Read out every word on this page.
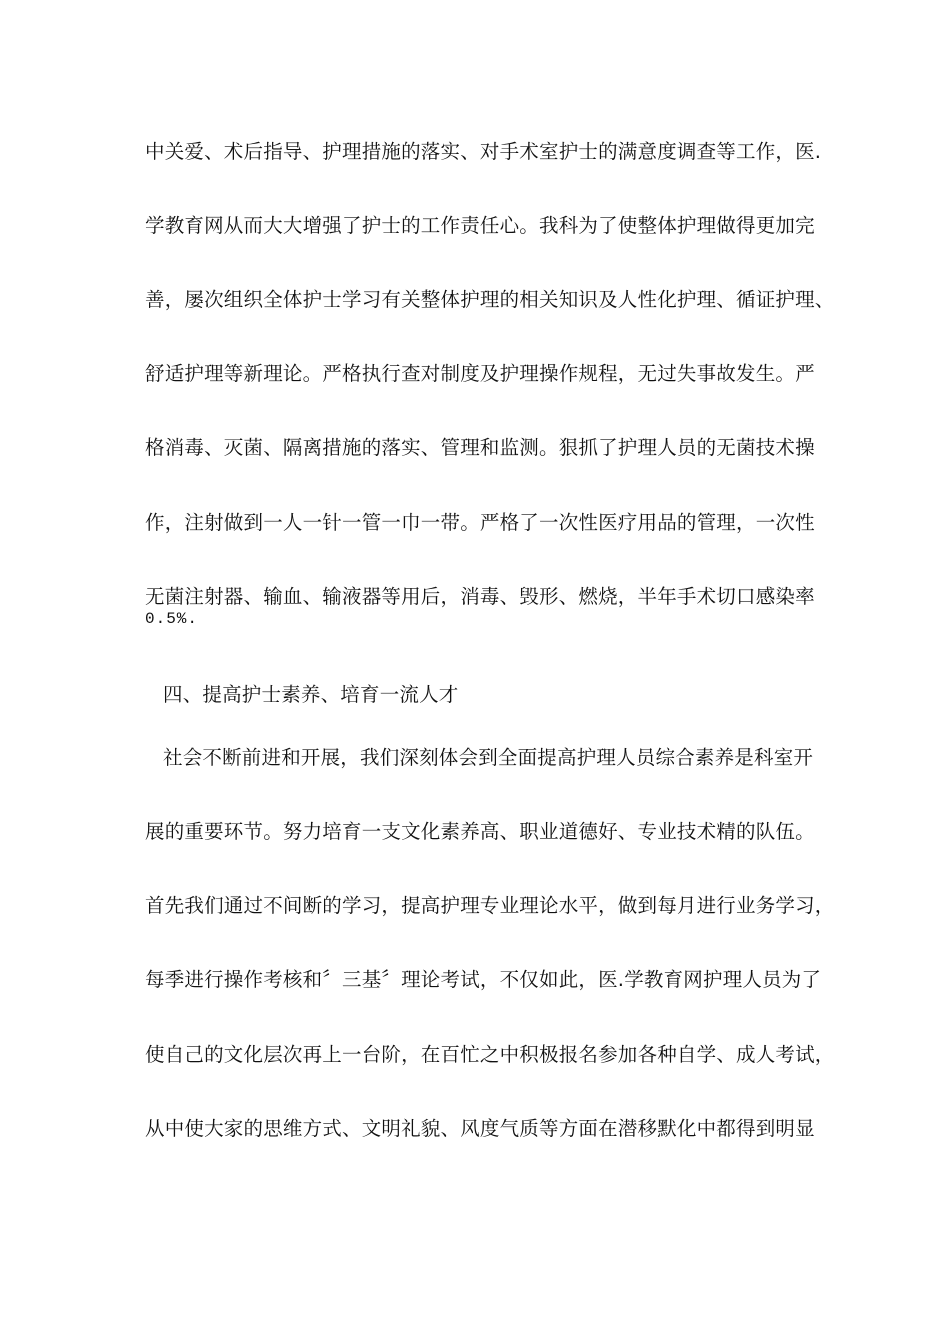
中关爱、术后指导、护理措施的落实、对手术室护士的满意度调查等工作，医.
学教育网从而大大增强了护士的工作责任心。我科为了使整体护理做得更加完
善，屡次组织全体护士学习有关整体护理的相关知识及人性化护理、循证护理、
舒适护理等新理论。严格执行查对制度及护理操作规程，无过失事故发生。严
格消毒、灭菌、隔离措施的落实、管理和监测。狠抓了护理人员的无菌技术操
作，注射做到一人一针一管一巾一带。严格了一次性医疗用品的管理，一次性
无菌注射器、输血、输液器等用后，消毒、毁形、燃烧，半年手术切口感染率
0.5%.
四、提高护士素养、培育一流人才
社会不断前进和开展，我们深刻体会到全面提高护理人员综合素养是科室开
展的重要环节。努力培育一支文化素养高、职业道德好、专业技术精的队伍。
首先我们通过不间断的学习，提高护理专业理论水平，做到每月进行业务学习，
每季进行操作考核和〞三基〞理论考试，不仅如此，医.学教育网护理人员为了
使自己的文化层次再上一台阶，在百忙之中积极报名参加各种自学、成人考试，
从中使大家的思维方式、文明礼貌、风度气质等方面在潜移默化中都得到明显
